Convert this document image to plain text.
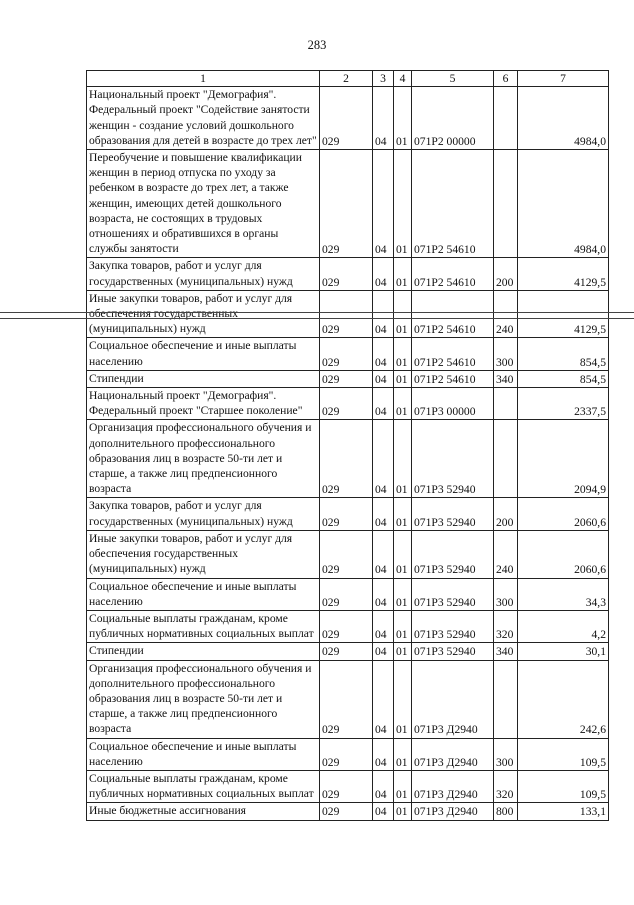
283
1	2	3	4	5	6	7
Национальный проект "Демография". Федеральный проект "Содействие занятости женщин - создание условий дошкольного образования для детей в возрасте до трех лет"	029	04	01	071P2 00000		4984,0
Переобучение и повышение квалификации женщин в период отпуска по уходу за ребенком в возрасте до трех лет, а также женщин, имеющих детей дошкольного возраста, не состоящих в трудовых отношениях и обратившихся в органы службы занятости	029	04	01	071P2 54610		4984,0
Закупка товаров, работ и услуг для государственных (муниципальных) нужд	029	04	01	071P2 54610	200	4129,5
Иные закупки товаров, работ и услуг для обеспечения государственных (муниципальных) нужд	029	04	01	071P2 54610	240	4129,5
Социальное обеспечение и иные выплаты населению	029	04	01	071P2 54610	300	854,5
Стипендии	029	04	01	071P2 54610	340	854,5
Национальный проект "Демография". Федеральный проект "Старшее поколение"	029	04	01	071P3 00000		2337,5
Организация профессионального обучения и дополнительного профессионального образования лиц в возрасте 50-ти лет и старше, а также лиц предпенсионного возраста	029	04	01	071P3 52940		2094,9
Закупка товаров, работ и услуг для государственных (муниципальных) нужд	029	04	01	071P3 52940	200	2060,6
Иные закупки товаров, работ и услуг для обеспечения государственных (муниципальных) нужд	029	04	01	071P3 52940	240	2060,6
Социальное обеспечение и иные выплаты населению	029	04	01	071P3 52940	300	34,3
Социальные выплаты гражданам, кроме публичных нормативных социальных выплат	029	04	01	071P3 52940	320	4,2
Стипендии	029	04	01	071P3 52940	340	30,1
Организация профессионального обучения и дополнительного профессионального образования лиц в возрасте 50-ти лет и старше, а также лиц предпенсионного возраста	029	04	01	071P3 Д2940		242,6
Социальное обеспечение и иные выплаты населению	029	04	01	071P3 Д2940	300	109,5
Социальные выплаты гражданам, кроме публичных нормативных социальных выплат	029	04	01	071P3 Д2940	320	109,5
Иные бюджетные ассигнования	029	04	01	071P3 Д2940	800	133,1
